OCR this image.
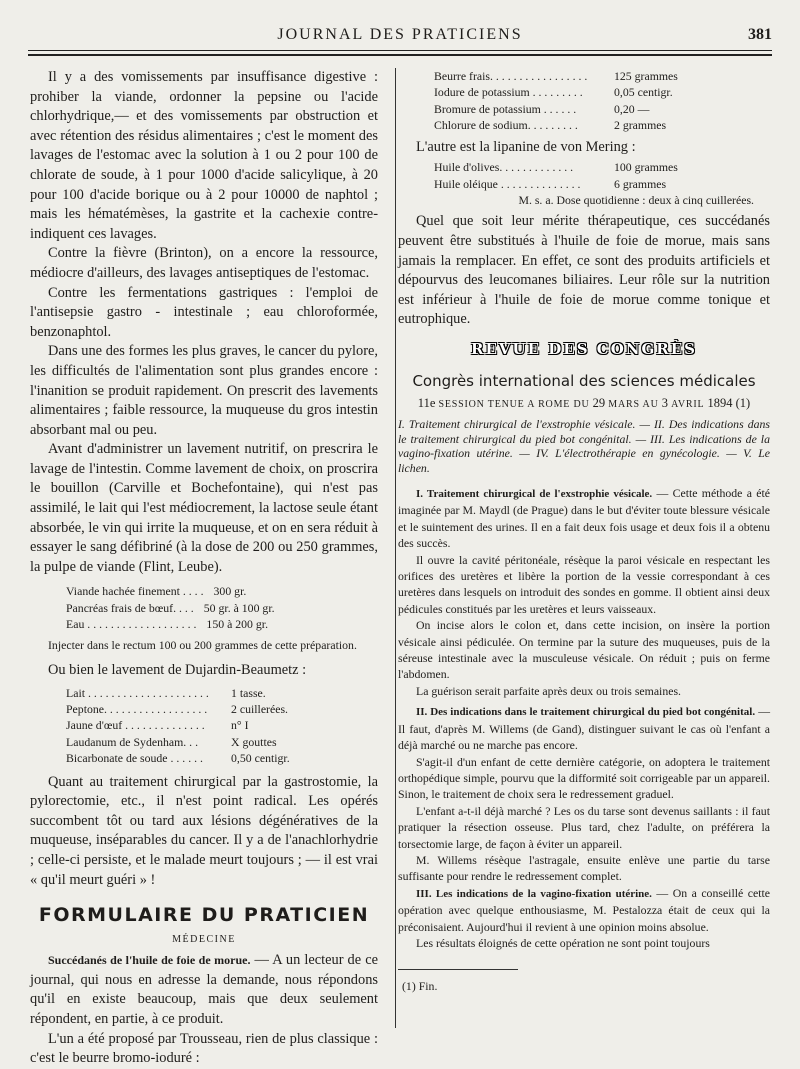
JOURNAL DES PRATICIENS	381

Il y a des vomissements par insuffisance digestive : prohiber la viande, ordonner la pepsine ou l'acide chlorhydrique,— et des vomissements par obstruction et avec rétention des résidus alimentaires ; c'est le moment des lavages de l'estomac avec la solution à 1 ou 2 pour 100 de chlorate de soude, à 1 pour 1000 d'acide salicylique, à 20 pour 100 d'acide borique ou à 2 pour 10000 de naphtol ; mais les hématémèses, la gastrite et la cachexie contre-indiquent ces lavages.

Contre la fièvre (Brinton), on a encore la ressource, médiocre d'ailleurs, des lavages antiseptiques de l'estomac.

Contre les fermentations gastriques : l'emploi de l'antisepsie gastro - intestinale ; eau chloroformée, benzonaphtol.

Dans une des formes les plus graves, le cancer du pylore, les difficultés de l'alimentation sont plus grandes encore : l'inanition se produit rapidement. On prescrit des lavements alimentaires ; faible ressource, la muqueuse du gros intestin absorbant mal ou peu.

Avant d'administrer un lavement nutritif, on prescrira le lavage de l'intestin. Comme lavement de choix, on proscrira le bouillon (Carville et Bochefontaine), qui n'est pas assimilé, le lait qui l'est médiocrement, la lactose seule étant absorbée, le vin qui irrite la muqueuse, et on en sera réduit à essayer le sang défibriné (à la dose de 200 ou 250 grammes, la pulpe de viande (Flint, Leube).

Viande hachée finement . . . . 300 gr.
Pancréas frais de bœuf. . . . 50 gr. à 100 gr.
Eau . . . . . . . . . . . . . . . . . . . 150 à 200 gr.

Injecter dans le rectum 100 ou 200 grammes de cette préparation.

Ou bien le lavement de Dujardin-Beaumetz :

Lait . . . . . . . . . . . . . . . . . . . . .	1 tasse.
Peptone. . . . . . . . . . . . . . . . . .	2 cuillerées.
Jaune d'œuf . . . . . . . . . . . . . .	n° I
Laudanum de Sydenham. . .	X gouttes
Bicarbonate de soude . . . . . .	0,50 centigr.

Quant au traitement chirurgical par la gastrostomie, la pylorectomie, etc., il n'est point radical. Les opérés succombent tôt ou tard aux lésions dégénératives de la muqueuse, inséparables du cancer. Il y a de l'anachlorhydrie ; celle-ci persiste, et le malade meurt toujours ; — il est vrai « qu'il meurt guéri » !

FORMULAIRE DU PRATICIEN
MÉDECINE

Succédanés de l'huile de foie de morue. — A un lecteur de ce journal, qui nous en adresse la demande, nous répondons qu'il en existe beaucoup, mais que deux seulement répondent, en partie, à ce produit.

L'un a été proposé par Trousseau, rien de plus classique : c'est le beurre bromo-ioduré :

Beurre frais. . . . . . . . . . . . . . . . .	125 grammes
Iodure de potassium . . . . . . . . .	0,05 centigr.
Bromure de potassium . . . . . .	0,20 —
Chlorure de sodium. . . . . . . . .	2 grammes

L'autre est la lipanine de von Mering :

Huile d'olives. . . . . . . . . . . . .	100 grammes
Huile oléique . . . . . . . . . . . . . .	6 grammes

M. s. a. Dose quotidienne : deux à cinq cuillerées.

Quel que soit leur mérite thérapeutique, ces succédanés peuvent être substitués à l'huile de foie de morue, mais sans jamais la remplacer. En effet, ce sont des produits artificiels et dépourvus des leucomanes biliaires. Leur rôle sur la nutrition est inférieur à l'huile de foie de morue comme tonique et eutrophique.

REVUE DES CONGRÈS
Congrès international des sciences médicales
11e SESSION TENUE A ROME DU 29 MARS AU 3 AVRIL 1894 (1)

I. Traitement chirurgical de l'exstrophie vésicale. — II. Des indications dans le traitement chirurgical du pied bot congénital. — III. Les indications de la vagino-fixation utérine. — IV. L'électrothérapie en gynécologie. — V. Le lichen.

I. Traitement chirurgical de l'exstrophie vésicale. — Cette méthode a été imaginée par M. Maydl (de Prague) dans le but d'éviter toute blessure vésicale et le suintement des urines. Il en a fait deux fois usage et deux fois il a obtenu des succès.

Il ouvre la cavité péritonéale, résèque la paroi vésicale en respectant les orifices des uretères et libère la portion de la vessie correspondant à ces uretères dans lesquels on introduit des sondes en gomme. Il obtient ainsi deux pédicules constitués par les uretères et leurs vaisseaux.

On incise alors le colon et, dans cette incision, on insère la portion vésicale ainsi pédiculée. On termine par la suture des muqueuses, puis de la séreuse intestinale avec la musculeuse vésicale. On réduit ; puis on ferme l'abdomen.

La guérison serait parfaite après deux ou trois semaines.

II. Des indications dans le traitement chirurgical du pied bot congénital. — Il faut, d'après M. Willems (de Gand), distinguer suivant le cas où l'enfant a déjà marché ou ne marche pas encore.

S'agit-il d'un enfant de cette dernière catégorie, on adoptera le traitement orthopédique simple, pourvu que la difformité soit corrigeable par un appareil. Sinon, le traitement de choix sera le redressement graduel.

L'enfant a-t-il déjà marché ? Les os du tarse sont devenus saillants : il faut pratiquer la résection osseuse. Plus tard, chez l'adulte, on préférera la torsectomie large, de façon à éviter un appareil.

M. Willems résèque l'astragale, ensuite enlève une partie du tarse suffisante pour rendre le redressement complet.

III. Les indications de la vagino-fixation utérine. — On a conseillé cette opération avec quelque enthousiasme, M. Pestalozza était de ceux qui la préconisaient. Aujourd'hui il revient à une opinion moins absolue.

Les résultats éloignés de cette opération ne sont point toujours

(1) Fin.
